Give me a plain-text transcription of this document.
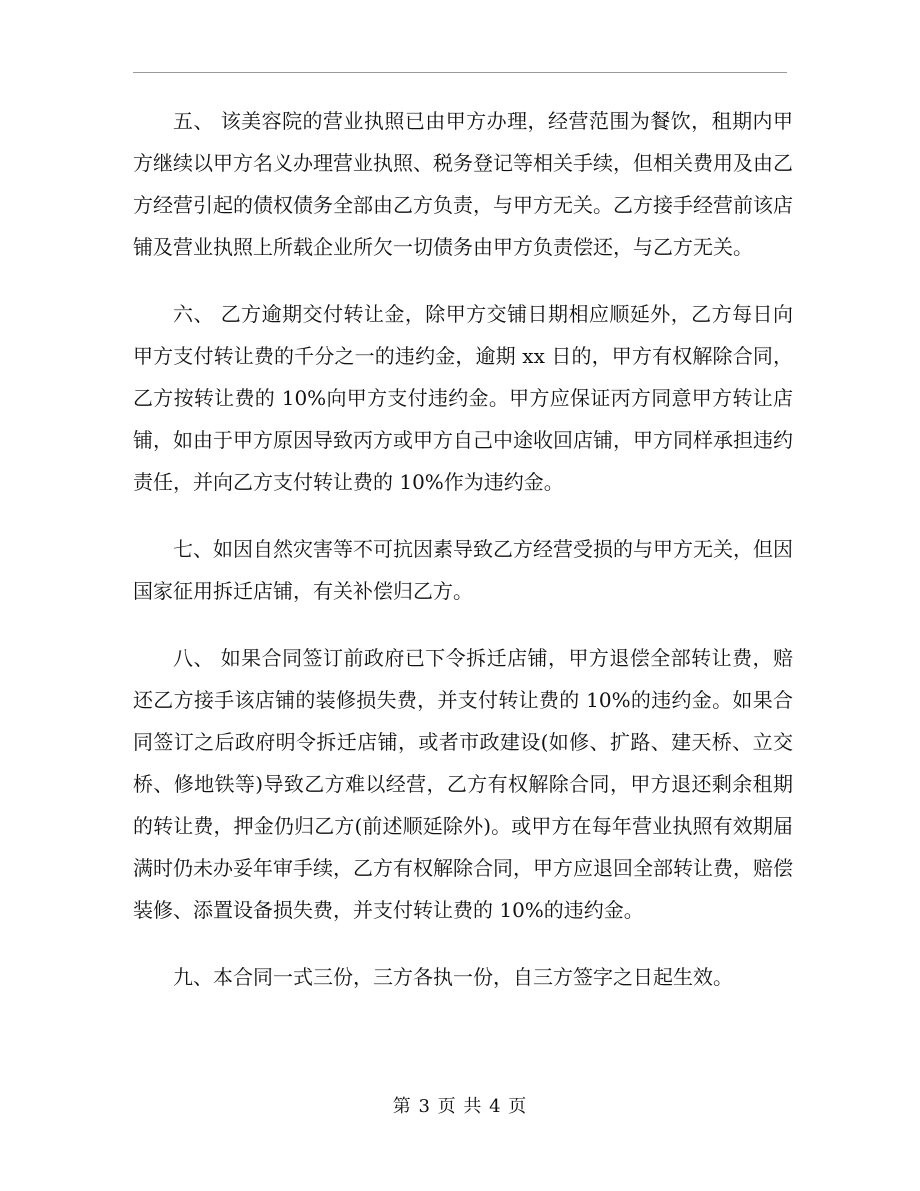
五、 该美容院的营业执照已由甲方办理，经营范围为餐饮，租期内甲方继续以甲方名义办理营业执照、税务登记等相关手续，但相关费用及由乙方经营引起的债权债务全部由乙方负责，与甲方无关。乙方接手经营前该店铺及营业执照上所载企业所欠一切债务由甲方负责偿还，与乙方无关。

六、 乙方逾期交付转让金，除甲方交铺日期相应顺延外，乙方每日向甲方支付转让费的千分之一的违约金，逾期 xx 日的，甲方有权解除合同，乙方按转让费的 10%向甲方支付违约金。甲方应保证丙方同意甲方转让店铺，如由于甲方原因导致丙方或甲方自己中途收回店铺，甲方同样承担违约责任，并向乙方支付转让费的 10%作为违约金。

七、如因自然灾害等不可抗因素导致乙方经营受损的与甲方无关，但因国家征用拆迁店铺，有关补偿归乙方。

八、 如果合同签订前政府已下令拆迁店铺，甲方退偿全部转让费，赔还乙方接手该店铺的装修损失费，并支付转让费的 10%的违约金。如果合同签订之后政府明令拆迁店铺，或者市政建设(如修、扩路、建天桥、立交桥、修地铁等)导致乙方难以经营，乙方有权解除合同，甲方退还剩余租期的转让费，押金仍归乙方(前述顺延除外)。或甲方在每年营业执照有效期届满时仍未办妥年审手续，乙方有权解除合同，甲方应退回全部转让费，赔偿装修、添置设备损失费，并支付转让费的 10%的违约金。

九、本合同一式三份，三方各执一份，自三方签字之日起生效。

第 3 页 共 4 页
